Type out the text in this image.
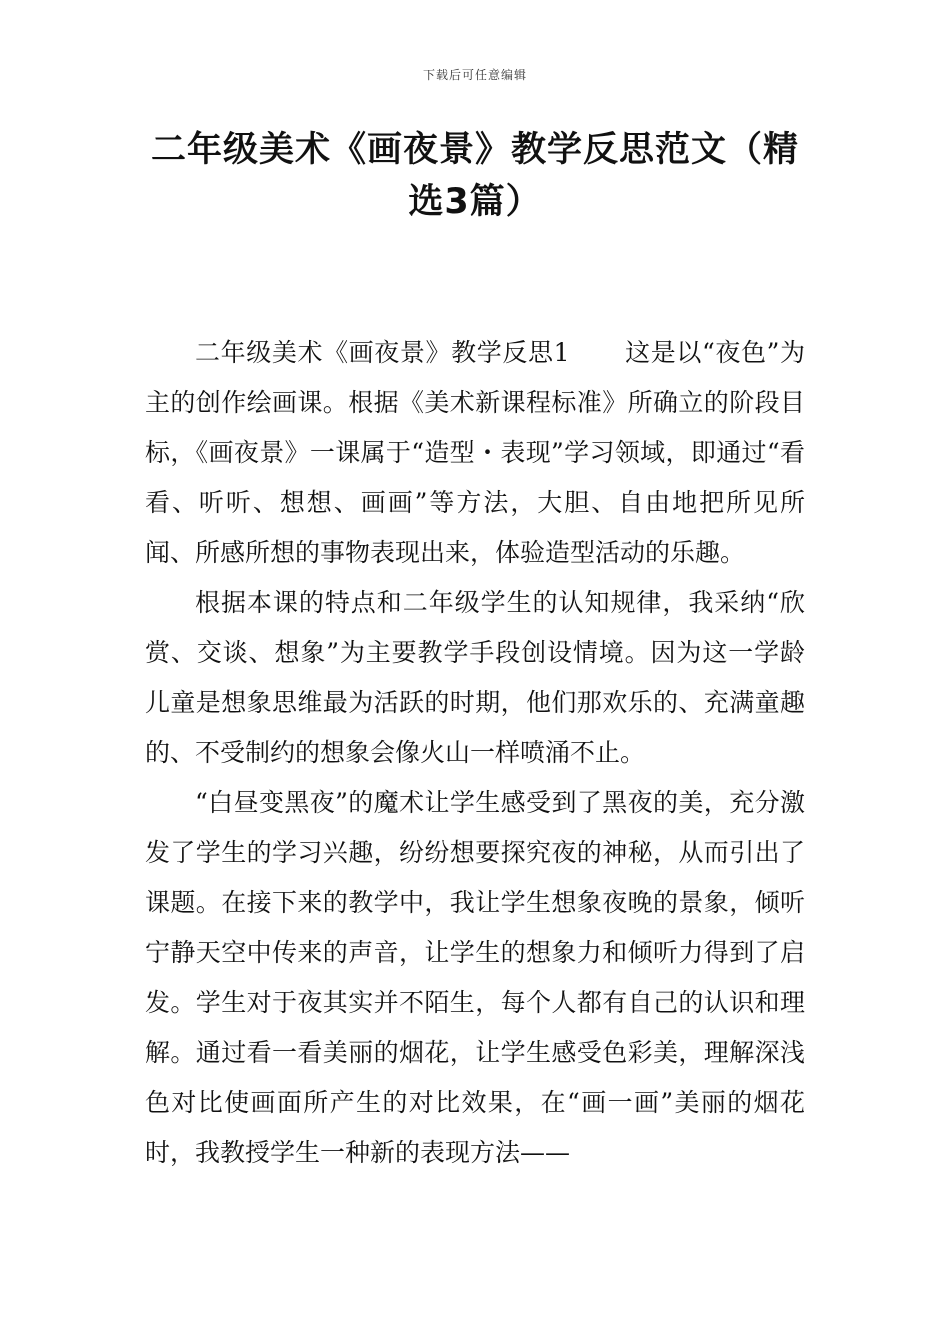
下载后可任意编辑
二年级美术《画夜景》教学反思范文（精选3篇）

二年级美术《画夜景》教学反思1 这是以“夜色”为主的创作绘画课。根据《美术新课程标准》所确立的阶段目标，《画夜景》一课属于“造型・表现”学习领域，即通过“看看、听听、想想、画画”等方法，大胆、自由地把所见所闻、所感所想的事物表现出来，体验造型活动的乐趣。

根据本课的特点和二年级学生的认知规律，我采纳“欣赏、交谈、想象”为主要教学手段创设情境。因为这一学龄儿童是想象思维最为活跃的时期，他们那欢乐的、充满童趣的、不受制约的想象会像火山一样喷涌不止。

“白昼变黑夜”的魔术让学生感受到了黑夜的美，充分激发了学生的学习兴趣，纷纷想要探究夜的神秘，从而引出了课题。在接下来的教学中，我让学生想象夜晚的景象，倾听宁静天空中传来的声音，让学生的想象力和倾听力得到了启发。学生对于夜其实并不陌生，每个人都有自己的认识和理解。通过看一看美丽的烟花，让学生感受色彩美，理解深浅色对比使画面所产生的对比效果，在“画一画”美丽的烟花时，我教授学生一种新的表现方法——
